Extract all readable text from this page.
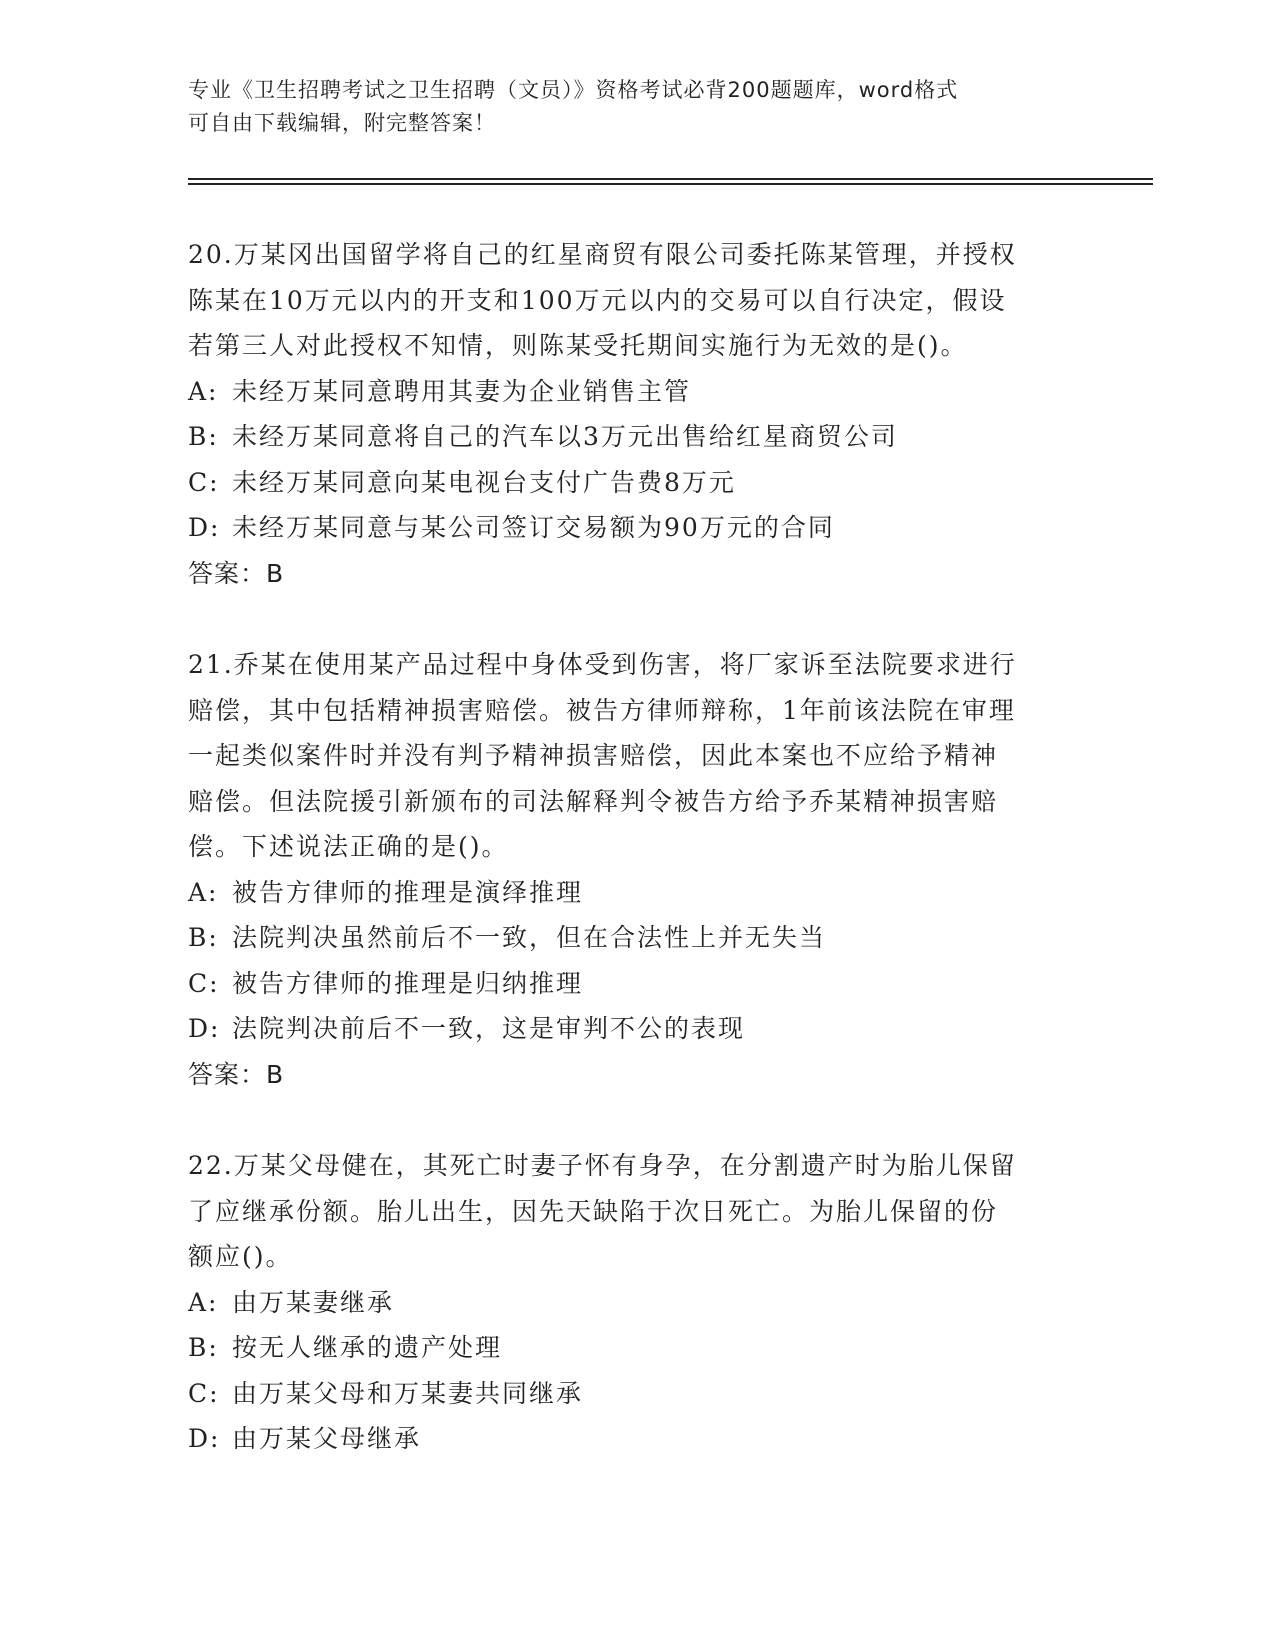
专业《卫生招聘考试之卫生招聘（文员）》资格考试必背200题题库，word格式
可自由下载编辑，附完整答案！
20.万某冈出国留学将自己的红星商贸有限公司委托陈某管理，并授权
陈某在10万元以内的开支和100万元以内的交易可以自行决定，假设
若第三人对此授权不知情，则陈某受托期间实施行为无效的是()。
A: 未经万某同意聘用其妻为企业销售主管
B: 未经万某同意将自己的汽车以3万元出售给红星商贸公司
C: 未经万某同意向某电视台支付广告费8万元
D: 未经万某同意与某公司签订交易额为90万元的合同
答案：B
21.乔某在使用某产品过程中身体受到伤害，将厂家诉至法院要求进行
赔偿，其中包括精神损害赔偿。被告方律师辩称，1年前该法院在审理
一起类似案件时并没有判予精神损害赔偿，因此本案也不应给予精神
赔偿。但法院援引新颁布的司法解释判令被告方给予乔某精神损害赔
偿。下述说法正确的是()。
A: 被告方律师的推理是演绎推理
B: 法院判决虽然前后不一致，但在合法性上并无失当
C: 被告方律师的推理是归纳推理
D: 法院判决前后不一致，这是审判不公的表现
答案：B
22.万某父母健在，其死亡时妻子怀有身孕，在分割遗产时为胎儿保留
了应继承份额。胎儿出生，因先天缺陷于次日死亡。为胎儿保留的份
额应()。
A: 由万某妻继承
B: 按无人继承的遗产处理
C: 由万某父母和万某妻共同继承
D: 由万某父母继承
